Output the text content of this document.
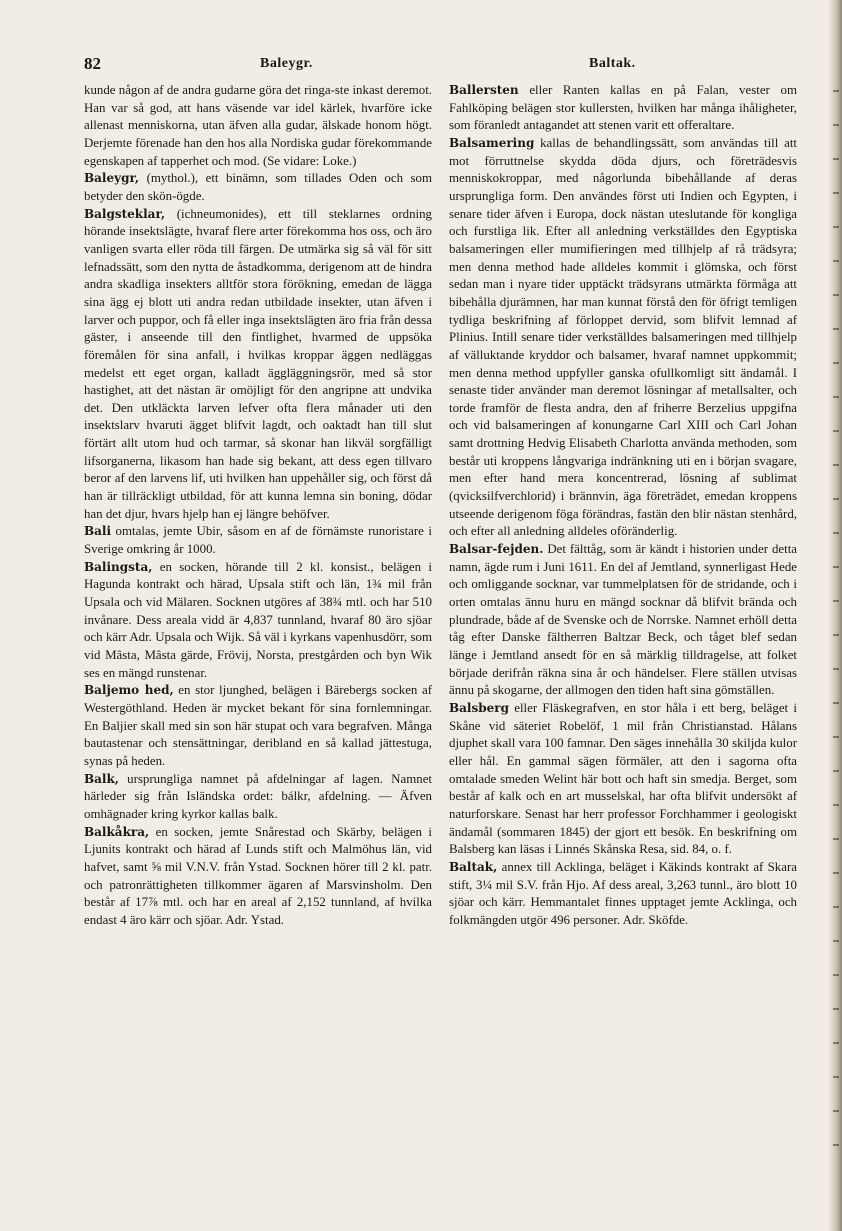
82	Baleygr.	Baltak.

kunde någon af de andra gudarne göra det ringa-ste inkast deremot. Han var så god, att hans väsende var idel kärlek, hvarföre icke allenast menniskorna, utan äfven alla gudar, älskade honom högt. Derjemte förenade han den hos alla Nordiska gudar förekommande egenskapen af tapperhet och mod. (Se vidare: Loke.)

Baleygr, (mythol.), ett binämn, som tillades Oden och som betyder den skön-ögde.

Balgsteklar, (ichneumonides), ett till steklarnes ordning hörande insektslägte, hvaraf flere arter förekomma hos oss, och äro vanligen svarta eller röda till färgen. De utmärka sig så väl för sitt lefnadssätt, som den nytta de åstadkomma, derigenom att de hindra andra skadliga insekters alltför stora förökning, emedan de lägga sina ägg ej blott uti andra redan utbildade insekter, utan äfven i larver och puppor, och få eller inga insektslägten äro fria från dessa gäster, i anseende till den fintlighet, hvarmed de uppsöka föremålen för sina anfall, i hvilkas kroppar äggen nedläggas medelst ett eget organ, kalladt äggläggningsrör, med så stor hastighet, att det nästan är omöjligt för den angripne att undvika det. Den utkläckta larven lefver ofta flera månader uti den insektslarv hvaruti ägget blifvit lagdt, och oaktadt han till slut förtärt allt utom hud och tarmar, så skonar han likväl sorgfälligt lifsorganerna, likasom han hade sig bekant, att dess egen tillvaro beror af den larvens lif, uti hvilken han uppehåller sig, och först då han är tillräckligt utbildad, för att kunna lemna sin boning, dödar han det djur, hvars hjelp han ej längre behöfver.

Bali omtalas, jemte Ubir, såsom en af de förnämste runoristare i Sverige omkring år 1000.

Balingsta, en socken, hörande till 2 kl. konsist., belägen i Hagunda kontrakt och härad, Upsala stift och län, 1¾ mil från Upsala och vid Mälaren. Socknen utgöres af 38¾ mtl. och har 510 invånare. Dess areala vidd är 4,837 tunnland, hvaraf 80 äro sjöar och kärr Adr. Upsala och Wijk. Så väl i kyrkans vapenhusdörr, som vid Mâsta, Mâsta gärde, Frövij, Norsta, prestgården och byn Wik ses en mängd runstenar.

Baljemo hed, en stor ljunghed, belägen i Bärebergs socken af Westergöthland. Heden är mycket bekant för sina fornlemningar. En Baljier skall med sin son här stupat och vara begrafven. Många bautastenar och stensättningar, deribland en så kallad jättestuga, synas på heden.

Balk, ursprungliga namnet på afdelningar af lagen. Namnet härleder sig från Isländska ordet: bálkr, afdelning. — Äfven omhägnader kring kyrkor kallas balk.

Balkåkra, en socken, jemte Snårestad och Skärby, belägen i Ljunits kontrakt och härad af Lunds stift och Malmöhus län, vid hafvet, samt ⅝ mil V.N.V. från Ystad. Socknen hörer till 2 kl. patr. och patronrättigheten tillkommer ägaren af Marsvinsholm. Den består af 17⅞ mtl. och har en areal af 2,152 tunnland, af hvilka endast 4 äro kärr och sjöar. Adr. Ystad.

Ballersten eller Ranten kallas en på Falan, vester om Fahlköping belägen stor kullersten, hvilken har många ihåligheter, som föranledt antagandet att stenen varit ett offeraltare.

Balsamering kallas de behandlingssätt, som användas till att mot förruttnelse skydda döda djurs, och företrädesvis menniskokroppar, med någorlunda bibehållande af deras ursprungliga form. Den användes först uti Indien och Egypten, i senare tider äfven i Europa, dock nästan uteslutande för kongliga och furstliga lik. Efter all anledning verkställdes den Egyptiska balsameringen eller mumifieringen med tillhjelp af rå trädsyra; men denna method hade alldeles kommit i glömska, och först sedan man i nyare tider upptäckt trädsyrans utmärkta förmåga att bibehålla djurämnen, har man kunnat förstå den för öfrigt temligen tydliga beskrifning af förloppet dervid, som blifvit lemnad af Plinius. Intill senare tider verkställdes balsameringen med tillhjelp af välluktande kryddor och balsamer, hvaraf namnet uppkommit; men denna method uppfyller ganska ofullkomligt sitt ändamål. I senaste tider använder man deremot lösningar af metallsalter, och torde framför de flesta andra, den af friherre Berzelius uppgifna och vid balsameringen af konungarne Carl XIII och Carl Johan samt drottning Hedvig Elisabeth Charlotta använda methoden, som består uti kroppens långvariga indränkning uti en i början svagare, men efter hand mera koncentrerad, lösning af sublimat (qvicksilfverchlorid) i brännvin, äga företrädet, emedan kroppens utseende derigenom föga förändras, fastän den blir nästan stenhård, och efter all anledning alldeles oföränderlig.

Balsar-fejden. Det fälttåg, som är kändt i historien under detta namn, ägde rum i Juni 1611. En del af Jemtland, synnerligast Hede och omliggande socknar, var tummelplatsen för de stridande, och i orten omtalas ännu huru en mängd socknar då blifvit brända och plundrade, både af de Svenske och de Norrske. Namnet erhöll detta tåg efter Danske fältherren Baltzar Beck, och tåget blef sedan länge i Jemtland ansedt för en så märklig tilldragelse, att folket började derifrån räkna sina år och händelser. Flere ställen utvisas ännu på skogarne, der allmogen den tiden haft sina gömställen.

Balsberg eller Fläskegrafven, en stor håla i ett berg, beläget i Skåne vid säteriet Robelöf, 1 mil från Christianstad. Hålans djuphet skall vara 100 famnar. Den säges innehålla 30 skiljda kulor eller hål. En gammal sägen förmäler, att den i sagorna ofta omtalade smeden Welint här bott och haft sin smedja. Berget, som består af kalk och en art musselskal, har ofta blifvit undersökt af naturforskare. Senast har herr professor Forchhammer i geologiskt ändamål (sommaren 1845) der gjort ett besök. En beskrifning om Balsberg kan läsas i Linnés Skånska Resa, sid. 84, o. f.

Baltak, annex till Acklinga, beläget i Käkinds kontrakt af Skara stift, 3¼ mil S.V. från Hjo. Af dess areal, 3,263 tunnl., äro blott 10 sjöar och kärr. Hemmantalet finnes upptaget jemte Acklinga, och folkmängden utgör 496 personer. Adr. Sköfde.
